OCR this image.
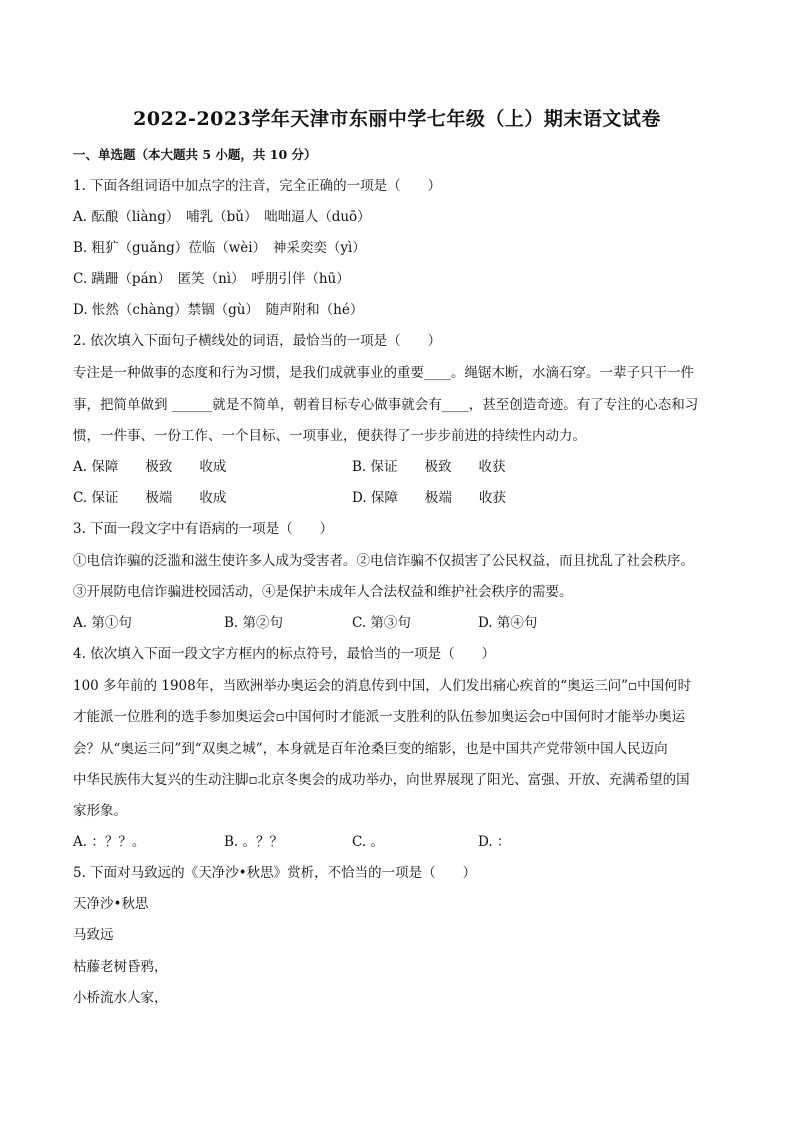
2022-2023学年天津市东丽中学七年级（上）期末语文试卷
一、单选题（本大题共 5 小题，共 10 分）
1. 下面各组词语中加点字的注音，完全正确的一项是（　　）
A. 酝酿（liàng）　哺乳（bǔ）　咄咄逼人（duō）
B. 粗犷（guǎng）莅临（wèi）　神采奕奕（yì）
C. 蹒跚（pán）　匿笑（nì）　呼朋引伴（hū）
D. 怅然（chàng）禁锢（gù）　随声附和（hé）
2. 依次填入下面句子横线处的词语，最恰当的一项是（　　）
专注是一种做事的态度和行为习惯，是我们成就事业的重要____。绳锯木断，水滴石穿。一辈子只干一件
事，把简单做到 ______就是不简单，朝着目标专心做事就会有____，甚至创造奇迹。有了专注的心态和习
惯，一件事、一份工作、一个目标、一项事业，便获得了一步步前进的持续性内动力。
A. 保障　　极致　　收成	B. 保证　　极致　　收获
C. 保证　　极端　　收成	D. 保障　　极端　　收获
3. 下面一段文字中有语病的一项是（　　）
①电信诈骗的泛滥和滋生使许多人成为受害者。②电信诈骗不仅损害了公民权益，而且扰乱了社会秩序。
③开展防电信诈骗进校园活动，④是保护未成年人合法权益和维护社会秩序的需要。
A. 第①句	B. 第②句	C. 第③句	D. 第④句
4. 依次填入下面一段文字方框内的标点符号，最恰当的一项是（　　）
100 多年前的 1908年，当欧洲举办奥运会的消息传到中国，人们发出痛心疾首的“奥运三问”▫中国何时
才能派一位胜利的选手参加奥运会▫中国何时才能派一支胜利的队伍参加奥运会▫中国何时才能举办奥运
会？从“奥运三问”到“双奥之城”，本身就是百年沧桑巨变的缩影，也是中国共产党带领中国人民迈向
中华民族伟大复兴的生动注脚▫北京冬奥会的成功举办，向世界展现了阳光、富强、开放、充满希望的国
家形象。
A. ：？？。	B. 。？？	C. 。	D. ：
5. 下面对马致远的《天净沙•秋思》赏析，不恰当的一项是（　　）
天净沙•秋思
马致远
枯藤老树昏鸦，
小桥流水人家，
